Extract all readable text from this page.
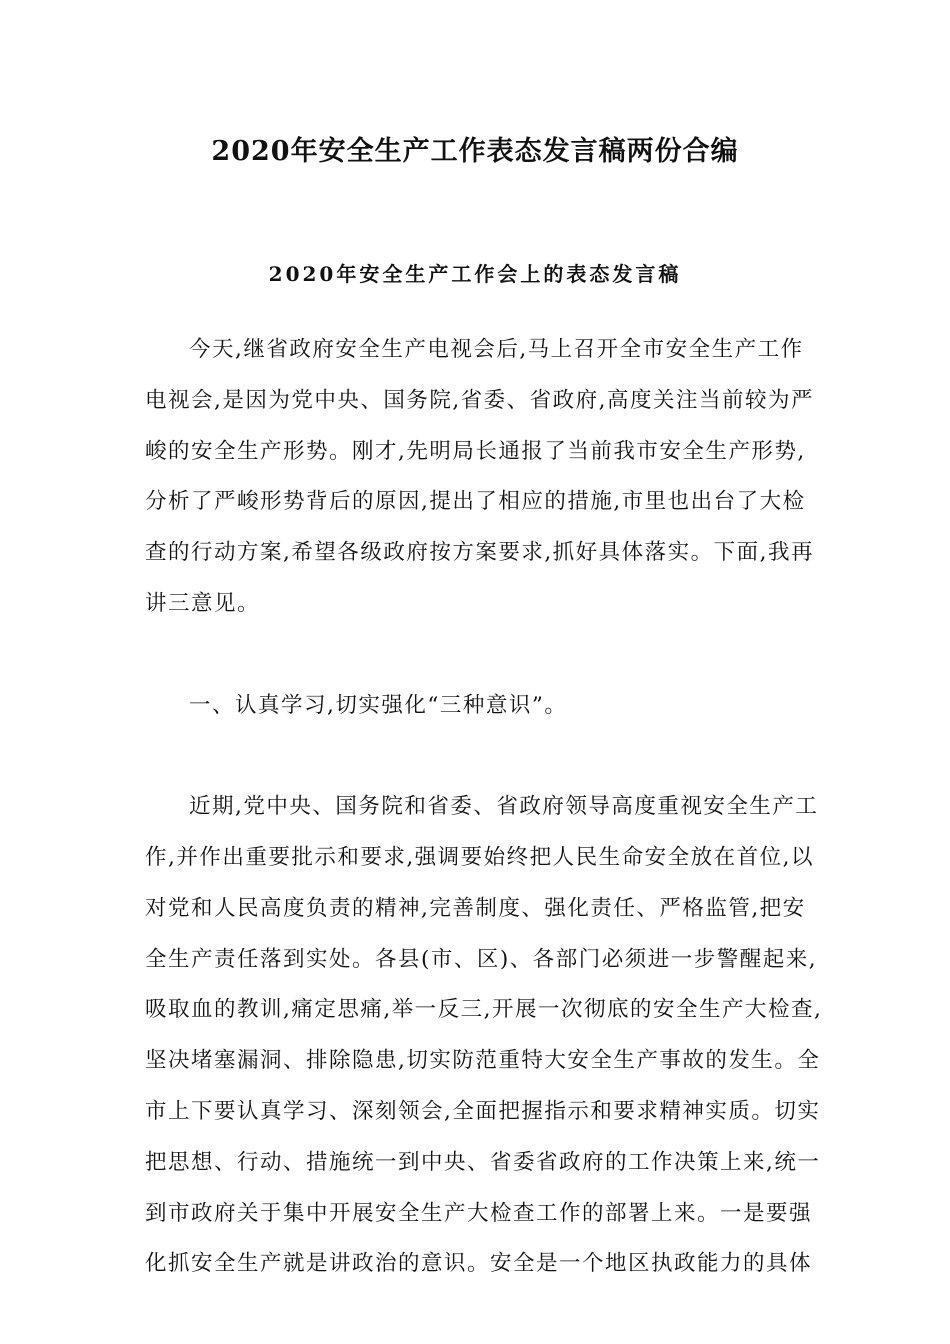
2020年安全生产工作表态发言稿两份合编
2020年安全生产工作会上的表态发言稿
今天,继省政府安全生产电视会后,马上召开全市安全生产工作
电视会,是因为党中央、国务院,省委、省政府,高度关注当前较为严
峻的安全生产形势。刚才,先明局长通报了当前我市安全生产形势,
分析了严峻形势背后的原因,提出了相应的措施,市里也出台了大检
查的行动方案,希望各级政府按方案要求,抓好具体落实。下面,我再
讲三意见。
一、认真学习,切实强化“三种意识”。
近期,党中央、国务院和省委、省政府领导高度重视安全生产工
作,并作出重要批示和要求,强调要始终把人民生命安全放在首位,以
对党和人民高度负责的精神,完善制度、强化责任、严格监管,把安
全生产责任落到实处。各县(市、区)、各部门必须进一步警醒起来,
吸取血的教训,痛定思痛,举一反三,开展一次彻底的安全生产大检查,
坚决堵塞漏洞、排除隐患,切实防范重特大安全生产事故的发生。全
市上下要认真学习、深刻领会,全面把握指示和要求精神实质。切实
把思想、行动、措施统一到中央、省委省政府的工作决策上来,统一
到市政府关于集中开展安全生产大检查工作的部署上来。一是要强
化抓安全生产就是讲政治的意识。安全是一个地区执政能力的具体
